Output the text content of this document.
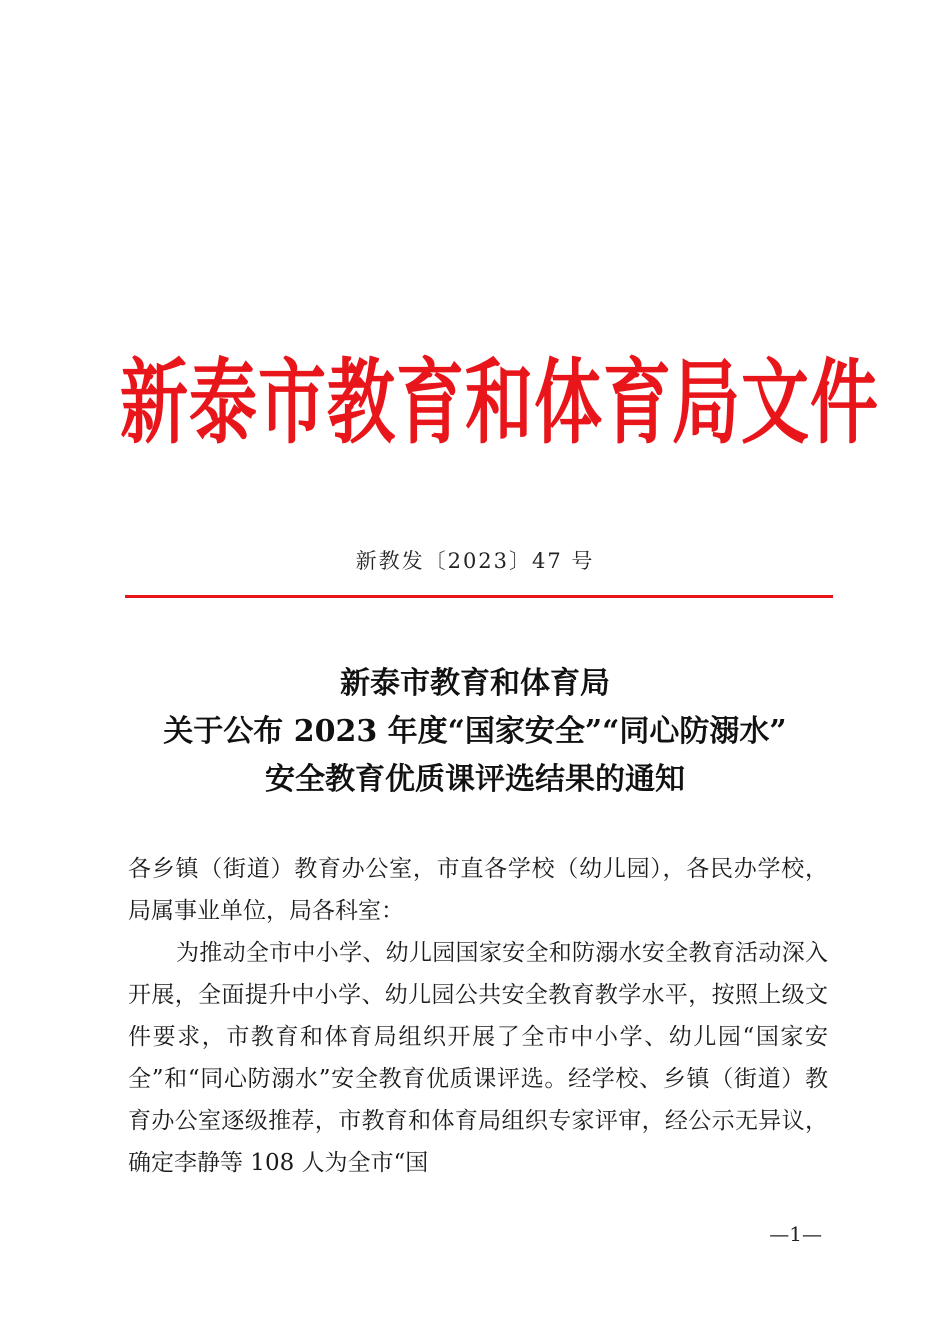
新泰市教育和体育局文件
新教发〔2023〕47 号
新泰市教育和体育局
关于公布 2023 年度“国家安全”“同心防溺水”
安全教育优质课评选结果的通知

各乡镇（街道）教育办公室，市直各学校（幼儿园），各民办学校，局属事业单位，局各科室：

为推动全市中小学、幼儿园国家安全和防溺水安全教育活动深入开展，全面提升中小学、幼儿园公共安全教育教学水平，按照上级文件要求，市教育和体育局组织开展了全市中小学、幼儿园“国家安全”和“同心防溺水”安全教育优质课评选。经学校、乡镇（街道）教育办公室逐级推荐，市教育和体育局组织专家评审，经公示无异议，确定李静等 108 人为全市“国

—1—
